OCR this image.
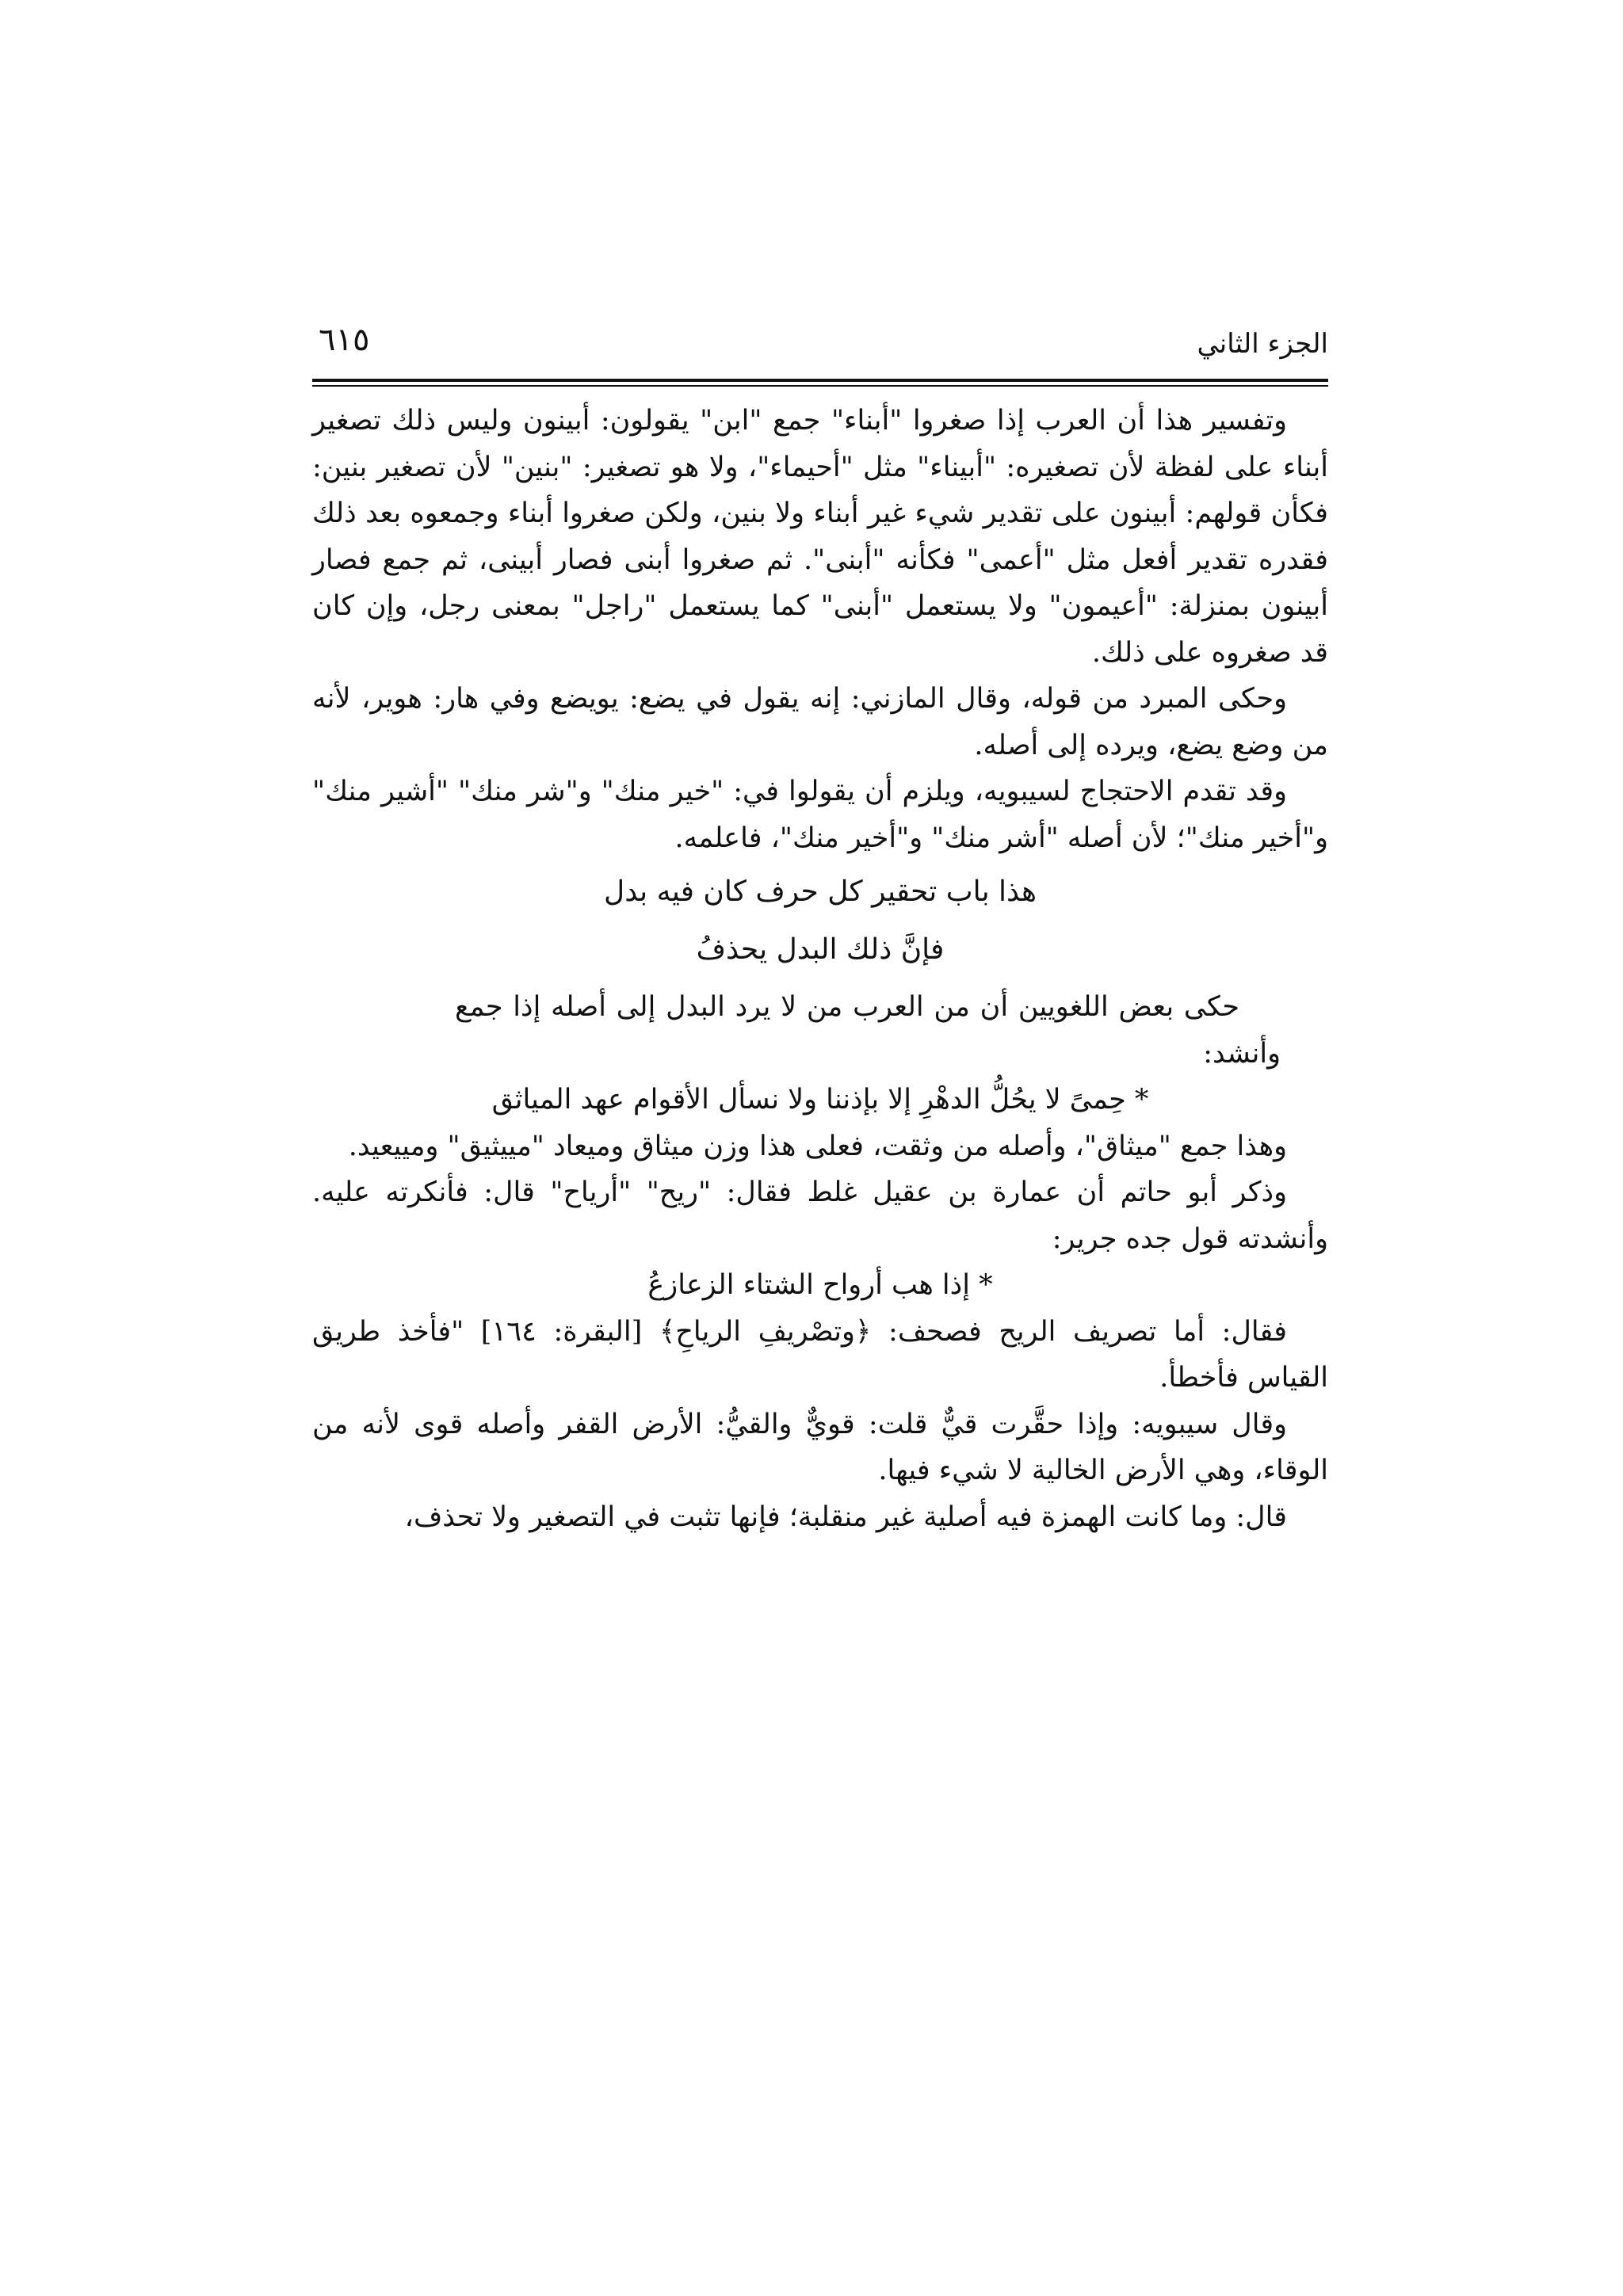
الجزء الثاني
٦١٥

وتفسير هذا أن العرب إذا صغروا "أبناء" جمع "ابن" يقولون: أبينون وليس ذلك تصغير أبناء على لفظة لأن تصغيره: "أبيناء" مثل "أحيماء"، ولا هو تصغير: "بنين" لأن تصغير بنين: فكأن قولهم: أبينون على تقدير شيء غير أبناء ولا بنين، ولكن صغروا أبناء وجمعوه بعد ذلك فقدره تقدير أفعل مثل "أعمى" فكأنه "أبنى". ثم صغروا أبنى فصار أبينى، ثم جمع فصار أبينون بمنزلة: "أعيمون" ولا يستعمل "أبنى" كما يستعمل "راجل" بمعنى رجل، وإن كان قد صغروه على ذلك.

وحكى المبرد من قوله، وقال المازني: إنه يقول في يضع: يويضع وفي هار: هوير، لأنه من وضع يضع، ويرده إلى أصله.

وقد تقدم الاحتجاج لسيبويه، ويلزم أن يقولوا في: "خير منك" و"شر منك" "أشير منك" و"أخير منك"؛ لأن أصله "أشر منك" و"أخير منك"، فاعلمه.

هذا باب تحقير كل حرف كان فيه بدل

فإنَّ ذلك البدل يحذفُ

حكى بعض اللغويين أن من العرب من لا يرد البدل إلى أصله إذا جمع وأنشد:

* حِمىً لا يحُلُّ الدهْرِ إلا بإذننا ولا نسأل الأقوام عهد المياثق

وهذا جمع "ميثاق"، وأصله من وثقت، فعلى هذا وزن ميثاق وميعاد "مييثيق" ومييعيد.

وذكر أبو حاتم أن عمارة بن عقيل غلط فقال: "ريح" "أرياح" قال: فأنكرته عليه. وأنشدته قول جده جرير:

* إذا هب أرواح الشتاء الزعازعُ

فقال: أما تصريف الريح فصحف: ﴿وتصْريفِ الرياحِ﴾ [البقرة: ١٦٤] "فأخذ طريق القياس فأخطأ.

وقال سيبويه: وإذا حقَّرت قيٌّ قلت: قويٌّ والقيُّ: الأرض القفر وأصله قوى لأنه من الوقاء، وهي الأرض الخالية لا شيء فيها.

قال: وما كانت الهمزة فيه أصلية غير منقلبة؛ فإنها تثبت في التصغير ولا تحذف،
